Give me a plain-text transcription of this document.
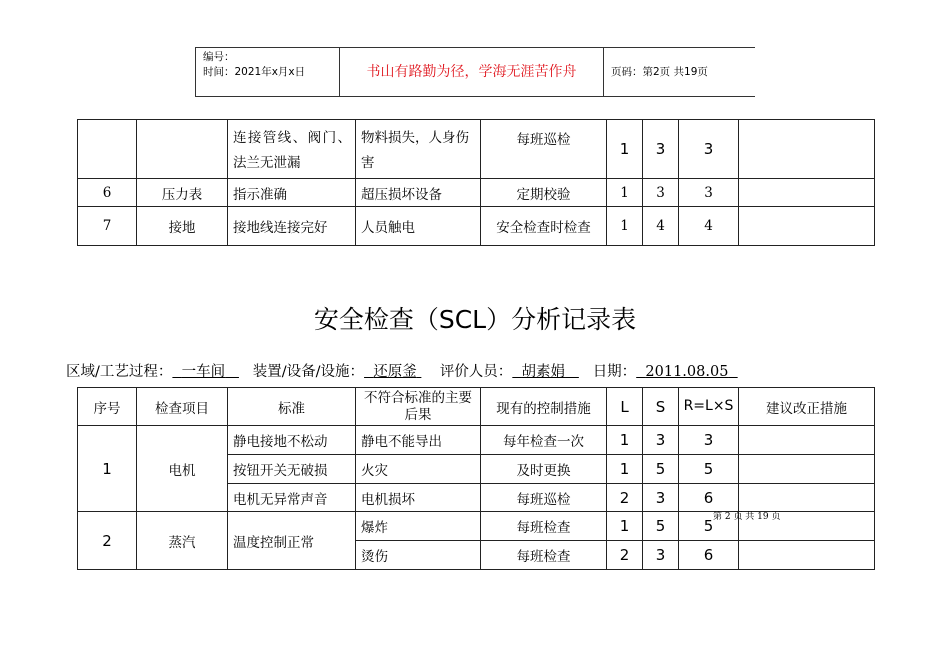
编号：
时间：2021年x月x日	书山有路勤为径，学海无涯苦作舟	页码：第2页 共19页
		连接管线、阀门、法兰无泄漏	物料损失，人身伤害	每班巡检	1	3	3	
6	压力表	指示准确	超压损坏设备	定期校验	1	3	3	
7	接地	接地线连接完好	人员触电	安全检查时检查	1	4	4	
安全检查（SCL）分析记录表
区域/工艺过程： 一车间 装置/设备/设施： 还原釜 评价人员： 胡素娟 日期： 2011.08.05
序号	检查项目	标准	不符合标准的主要后果	现有的控制措施	L	S	R=L×S	建议改正措施
1	电机	静电接地不松动	静电不能导出	每年检查一次	1	3	3	
		按钮开关无破损	火灾	及时更换	1	5	5	
		电机无异常声音	电机损坏	每班巡检	2	3	6	
2	蒸汽	温度控制正常	爆炸	每班检查	1	5	5	
			烫伤	每班检查	2	3	6	
第 2 页 共 19 页
